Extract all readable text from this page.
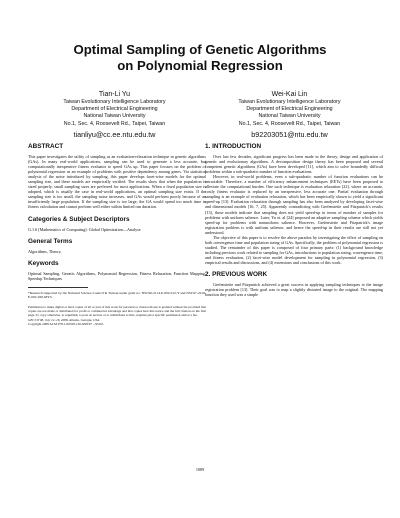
Optimal Sampling of Genetic Algorithms
on Polynomial Regression
Tian-Li Yu
Taiwan Evolutionary Intelligence Laboratory
Department of Electrical Engineering
National Taiwan University
No.1, Sec. 4, Roosevelt Rd., Taipei, Taiwan
tianliyu@cc.ee.ntu.edu.tw
Wei-Kai Lin
Taiwan Evolutionary Intelligence Laboratory
Department of Electrical Engineering
National Taiwan University
No.1, Sec. 4, Roosevelt Rd., Taipei, Taiwan
b92203051@ntu.edu.tw
ABSTRACT

This paper investigates the utility of sampling as an evaluation-relaxation technique in genetic algorithms (GAs). In many real-world applications, sampling can be used to generate a less accurate, but computationally inexpensive fitness evaluator to speed GAs up. This paper focuses on the problem of polynomial regression as an example of problems with positive dependency among genes. Via statistical analysis of the noise introduced by sampling, this paper develops facet-wise models for the optimal sampling size, and these models are empirically verified. The results show that when the population is sized properly, small sampling sizes are preferred for most applications. When a fixed population size is adopted, which is usually the case in real-world applications, an optimal sampling size exists. If the sampling size is too small, the sampling noise increases, and GAs would perform poorly because of an insufficiently large population. If the sampling size is too large, the GA would spend too much time in fitness calculation and cannot perform well either within limited run duration.

Categories & Subject Descriptors

G.1.6 [Mathematics of Computing]: Global Optimization—Analyse

General Terms

Algorithms, Theory.

Keywords

Optimal Sampling, Genetic Algorithms, Polynomial Regression, Fitness Relaxation, Function Mapping, Speedup Techniques

*Research supported by the National Science Council in Taiwan under grant no. NSC96-2114-P-002-012-Y and NSC97-2218-E-002-020-MY3.

Permission to make digital or hard copies of all or part of this work for personal or classroom use is granted without fee provided that copies are not made or distributed for profit or commercial advantage and that copies bear this notice and the full citation on the first page. To copy otherwise, to republish, to post on servers or to redistribute to lists, requires prior specific permission and/or a fee.

GECCO'08, July 12–16, 2008, Atlanta, Georgia, USA.

Copyright 2008 ACM 978-1-60558-130-9/08/07 ...$5.00.

1. INTRODUCTION

Over last few decades, significant progress has been made in the theory, design and application of genetic and evolutionary algorithms. A decomposition design theory has been proposed and several competent genetic algorithms (GAs) have been developed [11], which aim to solve boundedly difficult problems within a sub-quadratic number of function evaluations.

However, in real-world problems, even a sub-quadratic number of function evaluations can be intractable. Therefore, a number of efficiency enhancement techniques (EETs) have been proposed to alleviate the computational burden. One such technique is evaluation relaxation [22], where an accurate, costly fitness evaluator is replaced by an inexpensive, less accurate one. Partial evaluation through sampling is an example of evaluation relaxation, which has been empirically shown to yield a significant speed-up [13]. Evaluation relaxation through sampling has also been analyzed by developing facet-wise and dimensional models [16, 7, 25]. Apparently contradicting with Grefenstette and Fitzpatrick's results [13], those models indicate that sampling does not yield speed-up in terms of number of samples for problems with uniform salience. Later, Yu et. al [24] proposed an adaptive sampling scheme which yields speed-up for problems with nonuniform salience. However, Grefenstette and Fitzpatrick's image registration problem is with uniform salience, and hence the speed-up in their results are still not yet understood.

The objective of this paper is to resolve the above paradox by investigating the effect of sampling on both convergence time and population sizing of GAs. Specifically, the problem of polynomial regression is studied. The remainder of this paper is composed of four primary parts: (1) background knowledge including previous work related to sampling for GAs, introductions to population sizing, convergence time, and fitness evaluation, (2) facet-wise model development for sampling in polynomial regression, (3) empirical results and discussions, and (4) extensions and conclusions of this work.

2. PREVIOUS WORK

Grefenstette and Fitzpatrick achieved a great success in applying sampling techniques to the image registration problem [13]. Their goal was to map a slightly distorted image to the original. The mapping function they used was a simple

1089
